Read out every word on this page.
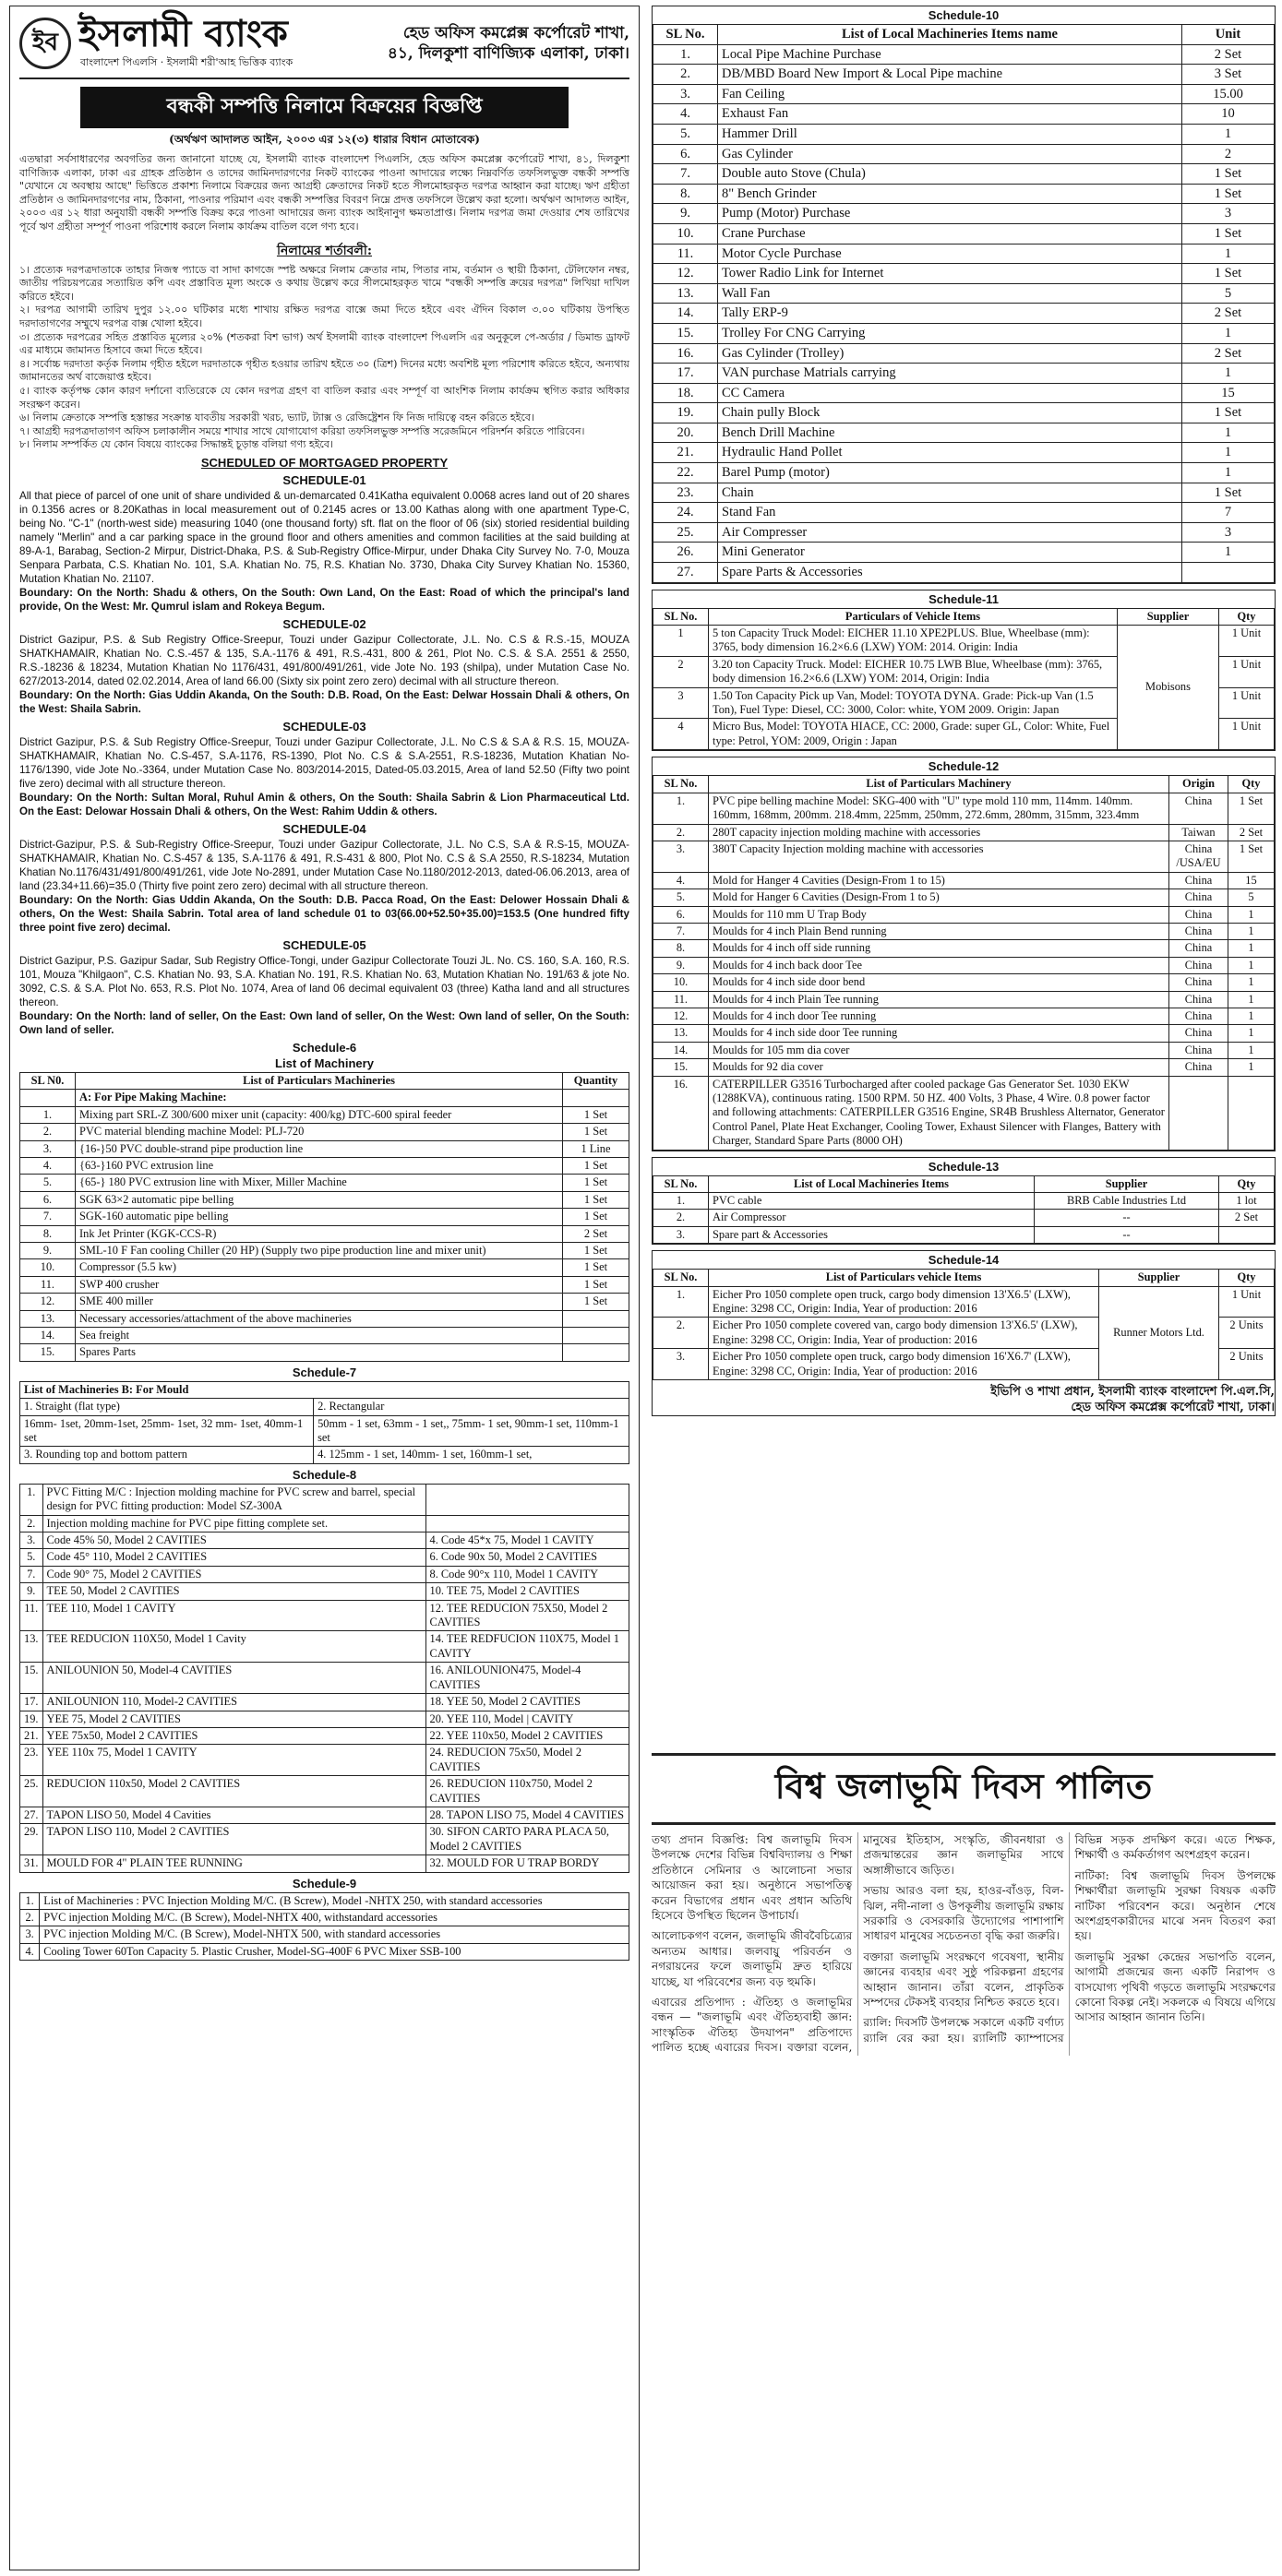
ইব ইসলামী ব্যাংক
বাংলাদেশ পিএলসি · ইসলামী শরী'আহ ভিত্তিক ব্যাংক
হেড অফিস কমপ্লেক্স কর্পোরেট শাখা,
৪১, দিলকুশা বাণিজ্যিক এলাকা, ঢাকা।
বন্ধকী সম্পত্তি নিলামে বিক্রয়ের বিজ্ঞপ্তি
(অর্থঋণ আদালত আইন, ২০০৩ এর ১২(৩) ধারার বিধান মোতাবেক)
এতদ্বারা সর্বসাধারণের অবগতির জন্য জানানো যাচ্ছে যে, ইসলামী ব্যাংক বাংলাদেশ পিএলসি, হেড অফিস কমপ্লেক্স কর্পোরেট শাখা, ৪১, দিলকুশা বাণিজ্যিক এলাকা, ঢাকা এর গ্রাহক প্রতিষ্ঠান ও তাদের জামিনদারগণের নিকট ব্যাংকের পাওনা আদায়ের লক্ষ্যে নিম্নবর্ণিত তফসিলভুক্ত বন্ধকী সম্পত্তি "যেখানে যে অবস্থায় আছে" ভিত্তিতে প্রকাশ্য নিলামে বিক্রয়ের জন্য আগ্রহী ক্রেতাদের নিকট হতে সীলমোহরকৃত দরপত্র আহ্বান করা যাচ্ছে। ঋণ গ্রহীতা প্রতিষ্ঠান ও জামিনদারগণের নাম, ঠিকানা, পাওনার পরিমাণ এবং বন্ধকী সম্পত্তির বিবরণ নিম্নে প্রদত্ত তফসিলে উল্লেখ করা হলো। অর্থঋণ আদালত আইন, ২০০৩ এর ১২ ধারা অনুযায়ী বন্ধকী সম্পত্তি বিক্রয় করে পাওনা আদায়ের জন্য ব্যাংক আইনানুগ ক্ষমতাপ্রাপ্ত। নিলাম দরপত্র জমা দেওয়ার শেষ তারিখের পূর্বে ঋণ গ্রহীতা সম্পূর্ণ পাওনা পরিশোধ করলে নিলাম কার্যক্রম বাতিল বলে গণ্য হবে।
নিলামের শর্তাবলী:
১। প্রত্যেক দরপত্রদাতাকে তাহার নিজস্ব প্যাডে বা সাদা কাগজে স্পষ্ট অক্ষরে নিলাম ক্রেতার নাম, পিতার নাম, বর্তমান ও স্থায়ী ঠিকানা, টেলিফোন নম্বর, জাতীয় পরিচয়পত্রের সত্যায়িত কপি এবং প্রস্তাবিত মূল্য অংকে ও কথায় উল্লেখ করে সীলমোহরকৃত খামে "বন্ধকী সম্পত্তি ক্রয়ের দরপত্র" লিখিয়া দাখিল করিতে হইবে।
২। দরপত্র আগামী তারিখ দুপুর ১২.০০ ঘটিকার মধ্যে শাখায় রক্ষিত দরপত্র বাক্সে জমা দিতে হইবে এবং ঐদিন বিকাল ৩.০০ ঘটিকায় উপস্থিত দরদাতাগণের সম্মুখে দরপত্র বাক্স খোলা হইবে।
৩। প্রত্যেক দরপত্রের সহিত প্রস্তাবিত মূল্যের ২০% (শতকরা বিশ ভাগ) অর্থ ইসলামী ব্যাংক বাংলাদেশ পিএলসি এর অনুকূলে পে-অর্ডার / ডিমান্ড ড্রাফট এর মাধ্যমে জামানত হিসাবে জমা দিতে হইবে।
৪। সর্বোচ্চ দরদাতা কর্তৃক নিলাম গৃহীত হইলে দরদাতাকে গৃহীত হওয়ার তারিখ হইতে ৩০ (ত্রিশ) দিনের মধ্যে অবশিষ্ট মূল্য পরিশোধ করিতে হইবে, অন্যথায় জামানতের অর্থ বাজেয়াপ্ত হইবে।
৫। ব্যাংক কর্তৃপক্ষ কোন কারণ দর্শানো ব্যতিরেকে যে কোন দরপত্র গ্রহণ বা বাতিল করার এবং সম্পূর্ণ বা আংশিক নিলাম কার্যক্রম স্থগিত করার অধিকার সংরক্ষণ করেন।
৬। নিলাম ক্রেতাকে সম্পত্তি হস্তান্তর সংক্রান্ত যাবতীয় সরকারী খরচ, ভ্যাট, ট্যাক্স ও রেজিষ্ট্রেশন ফি নিজ দায়িত্বে বহন করিতে হইবে।
৭। আগ্রহী দরপত্রদাতাগণ অফিস চলাকালীন সময়ে শাখার সাথে যোগাযোগ করিয়া তফসিলভুক্ত সম্পত্তি সরেজমিনে পরিদর্শন করিতে পারিবেন।
৮। নিলাম সম্পর্কিত যে কোন বিষয়ে ব্যাংকের সিদ্ধান্তই চূড়ান্ত বলিয়া গণ্য হইবে।
SCHEDULED OF MORTGAGED PROPERTY
SCHEDULE-01
All that piece of parcel of one unit of share undivided & un-demarcated 0.41Katha equivalent 0.0068 acres land out of 20 shares in 0.1356 acres or 8.20Kathas in local measurement out of 0.2145 acres or 13.00 Kathas along with one apartment Type-C, being No. "C-1" (north-west side) measuring 1040 (one thousand forty) sft. flat on the floor of 06 (six) storied residential building namely "Merlin" and a car parking space in the ground floor and others amenities and common facilities at the said building at 89-A-1, Barabag, Section-2 Mirpur, District-Dhaka, P.S. & Sub-Registry Office-Mirpur, under Dhaka City Survey No. 7-0, Mouza Senpara Parbata, C.S. Khatian No. 101, S.A. Khatian No. 75, R.S. Khatian No. 3730, Dhaka City Survey Khatian No. 15360, Mutation Khatian No. 21107.
Boundary: On the North: Shadu & others, On the South: Own Land, On the East: Road of which the principal's land provide, On the West: Mr. Qumrul islam and Rokeya Begum.
SCHEDULE-02
District Gazipur, P.S. & Sub Registry Office-Sreepur, Touzi under Gazipur Collectorate, J.L. No. C.S & R.S.-15, MOUZA SHATKHAMAIR, Khatian No. C.S.-457 & 135, S.A.-1176 & 491, R.S.-431, 800 & 261, Plot No. C.S. & S.A. 2551 & 2550, R.S.-18236 & 18234, Mutation Khatian No 1176/431, 491/800/491/261, vide Jote No. 193 (shilpa), under Mutation Case No. 627/2013-2014, dated 02.02.2014, Area of land 66.00 (Sixty six point zero zero) decimal with all structure thereon.
Boundary: On the North: Gias Uddin Akanda, On the South: D.B. Road, On the East: Delwar Hossain Dhali & others, On the West: Shaila Sabrin.
SCHEDULE-03
District Gazipur, P.S. & Sub Registry Office-Sreepur, Touzi under Gazipur Collectorate, J.L. No C.S & S.A & R.S. 15, MOUZA-SHATKHAMAIR, Khatian No. C.S-457, S.A-1176, RS-1390, Plot No. C.S & S.A-2551, R.S-18236, Mutation Khatian No-1176/1390, vide Jote No.-3364, under Mutation Case No. 803/2014-2015, Dated-05.03.2015, Area of land 52.50 (Fifty two point five zero) decimal with all structure thereon.
Boundary: On the North: Sultan Moral, Ruhul Amin & others, On the South: Shaila Sabrin & Lion Pharmaceutical Ltd. On the East: Delowar Hossain Dhali & others, On the West: Rahim Uddin & others.
SCHEDULE-04
District-Gazipur, P.S. & Sub-Registry Office-Sreepur, Touzi under Gazipur Collectorate, J.L. No C.S, S.A & R.S-15, MOUZA-SHATKHAMAIR, Khatian No. C.S-457 & 135, S.A-1176 & 491, R.S-431 & 800, Plot No. C.S & S.A 2550, R.S-18234, Mutation Khatian No.1176/431/491/800/491/261, vide Jote No-2891, under Mutation Case No.1180/2012-2013, dated-06.06.2013, area of land (23.34+11.66)=35.0 (Thirty five point zero zero) decimal with all structure thereon.
Boundary: On the North: Gias Uddin Akanda, On the South: D.B. Pacca Road, On the East: Delower Hossain Dhali & others, On the West: Shaila Sabrin. Total area of land schedule 01 to 03(66.00+52.50+35.00)=153.5 (One hundred fifty three point five zero) decimal.
SCHEDULE-05
District Gazipur, P.S. Gazipur Sadar, Sub Registry Office-Tongi, under Gazipur Collectorate Touzi JL. No. CS. 160, S.A. 160, R.S. 101, Mouza "Khilgaon", C.S. Khatian No. 93, S.A. Khatian No. 191, R.S. Khatian No. 63, Mutation Khatian No. 191/63 & jote No. 3092, C.S. & S.A. Plot No. 653, R.S. Plot No. 1074, Area of land 06 decimal equivalent 03 (three) Katha land and all structures thereon.
Boundary: On the North: land of seller, On the East: Own land of seller, On the West: Own land of seller, On the South: Own land of seller.
Schedule-6
List of Machinery
SL N0.	List of Particulars Machineries	Quantity
	A: For Pipe Making Machine:	
1.	Mixing part SRL-Z 300/600 mixer unit (capacity: 400/kg) DTC-600 spiral feeder	1 Set
2.	PVC material blending machine Model: PLJ-720	1 Set
3.	{16-}50 PVC double-strand pipe production line	1 Line
4.	{63-}160 PVC extrusion line	1 Set
5.	{65-} 180 PVC extrusion line with Mixer, Miller Machine	1 Set
6.	SGK 63×2 automatic pipe belling	1 Set
7.	SGK-160 automatic pipe belling	1 Set
8.	Ink Jet Printer (KGK-CCS-R)	2 Set
9.	SML-10 F Fan cooling Chiller (20 HP) (Supply two pipe production line and mixer unit)	1 Set
10.	Compressor (5.5 kw)	1 Set
11.	SWP 400 crusher	1 Set
12.	SME 400 miller	1 Set
13.	Necessary accessories/attachment of the above machineries	
14.	Sea freight	
15.	Spares Parts	
Schedule-7
List of Machineries B: For Mould	
1. Straight (flat type)	2. Rectangular
16mm- 1set, 20mm-1set, 25mm- 1set, 32 mm- 1set, 40mm-1 set	50mm - 1 set, 63mm - 1 set,, 75mm- 1 set, 90mm-1 set, 110mm-1 set
3. Rounding top and bottom pattern	4. 125mm - 1 set, 140mm- 1 set, 160mm-1 set,
Schedule-8
1.	PVC Fitting M/C : Injection molding machine for PVC screw and barrel, special design for PVC fitting production: Model SZ-300A	
2.	Injection molding machine for PVC pipe fitting complete set.	
3.	Code 45% 50, Model 2 CAVITIES	4. Code 45*x 75, Model 1 CAVITY
5.	Code 45° 110, Model 2 CAVITIES	6. Code 90x 50, Model 2 CAVITIES
7.	Code 90° 75, Model 2 CAVITIES	8. Code 90°x 110, Model 1 CAVITY
9.	TEE 50, Model 2 CAVITIES	10. TEE 75, Model 2 CAVITIES
11.	TEE 110, Model 1 CAVITY	12. TEE REDUCION 75X50, Model 2 CAVITIES
13.	TEE REDUCION 110X50, Model 1 Cavity	14. TEE REDFUCION 110X75, Model 1 CAVITY
15.	ANILOUNION 50, Model-4 CAVITIES	16. ANILOUNION475, Model-4 CAVITIES
17.	ANILOUNION 110, Model-2 CAVITIES	18. YEE 50, Model 2 CAVITIES
19.	YEE 75, Model 2 CAVITIES	20. YEE 110, Model | CAVITY
21.	YEE 75x50, Model 2 CAVITIES	22. YEE 110x50, Model 2 CAVITIES
23.	YEE 110x 75, Model 1 CAVITY	24. REDUCION 75x50, Model 2 CAVITIES
25.	REDUCION 110x50, Model 2 CAVITIES	26. REDUCION 110x750, Model 2 CAVITIES
27.	TAPON LISO 50, Model 4 Cavities	28. TAPON LISO 75, Model 4 CAVITIES
29.	TAPON LISO 110, Model 2 CAVITIES	30. SIFON CARTO PARA PLACA 50, Model 2 CAVITIES
31.	MOULD FOR 4" PLAIN TEE RUNNING	32. MOULD FOR U TRAP BORDY
Schedule-9
1.	List of Machineries : PVC Injection Molding M/C. (B Screw), Model -NHTX 250, with standard accessories
2.	PVC injection Molding M/C. (B Screw), Model-NHTX 400, withstandard accessories
3.	PVC injection Molding M/C. (B Screw), Model-NHTX 500, with standard accessories
4.	Cooling Tower 60Ton Capacity 5. Plastic Crusher, Model-SG-400F 6 PVC Mixer SSB-100
Schedule-10
SL No.	List of Local Machineries Items name	Unit
1.	Local Pipe Machine Purchase	2 Set
2.	DB/MBD Board New Import & Local Pipe machine	3 Set
3.	Fan Ceiling	15.00
4.	Exhaust Fan	10
5.	Hammer Drill	1
6.	Gas Cylinder	2
7.	Double auto Stove (Chula)	1 Set
8.	8" Bench Grinder	1 Set
9.	Pump (Motor) Purchase	3
10.	Crane Purchase	1 Set
11.	Motor Cycle Purchase	1
12.	Tower Radio Link for Internet	1 Set
13.	Wall Fan	5
14.	Tally ERP-9	2 Set
15.	Trolley For CNG Carrying	1
16.	Gas Cylinder (Trolley)	2 Set
17.	VAN purchase Matrials carrying	1
18.	CC Camera	15
19.	Chain pully Block	1 Set
20.	Bench Drill Machine	1
21.	Hydraulic Hand Pollet	1
22.	Barel Pump (motor)	1
23.	Chain	1 Set
24.	Stand Fan	7
25.	Air Compresser	3
26.	Mini Generator	1
27.	Spare Parts & Accessories	
Schedule-11
SL No.	Particulars of Vehicle Items	Supplier	Qty
1	5 ton Capacity Truck Model: EICHER 11.10 XPE2PLUS. Blue, Wheelbase (mm): 3765, body dimension 16.2×6.6 (LXW) YOM: 2014. Origin: India	Mobisons	1 Unit
2	3.20 ton Capacity Truck. Model: EICHER 10.75 LWB Blue, Wheelbase (mm): 3765, body dimension 16.2×6.6 (LXW) YOM: 2014, Origin: India		1 Unit
3	1.50 Ton Capacity Pick up Van, Model: TOYOTA DYNA. Grade: Pick-up Van (1.5 Ton), Fuel Type: Diesel, CC: 3000, Color: white, YOM 2009. Origin: Japan		1 Unit
4	Micro Bus, Model: TOYOTA HIACE, CC: 2000, Grade: super GL, Color: White, Fuel type: Petrol, YOM: 2009, Origin : Japan		1 Unit
Schedule-12
SL No.	List of Particulars Machinery	Origin	Qty
1.	PVC pipe belling machine Model: SKG-400 with "U" type mold 110 mm, 114mm. 140mm. 160mm, 168mm, 200mm. 218.4mm, 225mm, 250mm, 272.6mm, 280mm, 315mm, 323.4mm	China	1 Set
2.	280T capacity injection molding machine with accessories	Taiwan	2 Set
3.	380T Capacity Injection molding machine with accessories	China /USA/EU	1 Set
4.	Mold for Hanger 4 Cavities (Design-From 1 to 15)	China	15
5.	Mold for Hanger 6 Cavities (Design-From 1 to 5)	China	5
6.	Moulds for 110 mm U Trap Body	China	1
7.	Moulds for 4 inch Plain Bend running	China	1
8.	Moulds for 4 inch off side running	China	1
9.	Moulds for 4 inch back door Tee	China	1
10.	Moulds for 4 inch side door bend	China	1
11.	Moulds for 4 inch Plain Tee running	China	1
12.	Moulds for 4 inch door Tee running	China	1
13.	Moulds for 4 inch side door Tee running	China	1
14.	Moulds for 105 mm dia cover	China	1
15.	Moulds for 92 dia cover	China	1
16.	CATERPILLER G3516 Turbocharged after cooled package Gas Generator Set. 1030 EKW (1288KVA), continuous rating. 1500 RPM. 50 HZ. 400 Volts, 3 Phase, 4 Wire. 0.8 power factor and following attachments: CATERPILLER G3516 Engine, SR4B Brushless Alternator, Generator Control Panel, Plate Heat Exchanger, Cooling Tower, Exhaust Silencer with Flanges, Battery with Charger, Standard Spare Parts (8000 OH)		
Schedule-13
SL No.	List of Local Machineries Items	Supplier	Qty
1.	PVC cable	BRB Cable Industries Ltd	1 lot
2.	Air Compressor	--	2 Set
3.	Spare part & Accessories	--	
Schedule-14
SL No.	List of Particulars vehicle Items	Supplier	Qty
1.	Eicher Pro 1050 complete open truck, cargo body dimension 13'X6.5' (LXW), Engine: 3298 CC, Origin: India, Year of production: 2016	Runner Motors Ltd.	1 Unit
2.	Eicher Pro 1050 complete covered van, cargo body dimension 13'X6.5' (LXW), Engine: 3298 CC, Origin: India, Year of production: 2016		2 Units
3.	Eicher Pro 1050 complete open truck, cargo body dimension 16'X6.7' (LXW), Engine: 3298 CC, Origin: India, Year of production: 2016		2 Units
ইভিপি ও শাখা প্রধান, ইসলামী ব্যাংক বাংলাদেশ পি.এল.সি,
হেড অফিস কমপ্লেক্স কর্পোরেট শাখা, ঢাকা।
বিশ্ব জলাভূমি দিবস পালিত

তথ্য প্রদান বিজ্ঞপ্তি: বিশ্ব জলাভূমি দিবস উপলক্ষে দেশের বিভিন্ন বিশ্ববিদ্যালয় ও শিক্ষা প্রতিষ্ঠানে সেমিনার ও আলোচনা সভার আয়োজন করা হয়। অনুষ্ঠানে সভাপতিত্ব করেন বিভাগের প্রধান এবং প্রধান অতিথি হিসেবে উপস্থিত ছিলেন উপাচার্য।

আলোচকগণ বলেন, জলাভূমি জীববৈচিত্র্যের অন্যতম আধার। জলবায়ু পরিবর্তন ও নগরায়নের ফলে জলাভূমি দ্রুত হারিয়ে যাচ্ছে, যা পরিবেশের জন্য বড় হুমকি।

এবারের প্রতিপাদ্য : ঐতিহ্য ও জলাভূমির বন্ধন — "জলাভূমি এবং ঐতিহ্যবাহী জ্ঞান: সাংস্কৃতিক ঐতিহ্য উদযাপন" প্রতিপাদ্যে পালিত হচ্ছে এবারের দিবস। বক্তারা বলেন, মানুষের ইতিহাস, সংস্কৃতি, জীবনধারা ও প্রজন্মান্তরের জ্ঞান জলাভূমির সাথে অঙ্গাঙ্গীভাবে জড়িত।

সভায় আরও বলা হয়, হাওর-বাঁওড়, বিল-ঝিল, নদী-নালা ও উপকূলীয় জলাভূমি রক্ষায় সরকারি ও বেসরকারি উদ্যোগের পাশাপাশি সাধারণ মানুষের সচেতনতা বৃদ্ধি করা জরুরি।

বক্তারা জলাভূমি সংরক্ষণে গবেষণা, স্থানীয় জ্ঞানের ব্যবহার এবং সুষ্ঠু পরিকল্পনা গ্রহণের আহ্বান জানান। তাঁরা বলেন, প্রাকৃতিক সম্পদের টেকসই ব্যবহার নিশ্চিত করতে হবে।

র‍্যালি: দিবসটি উপলক্ষে সকালে একটি বর্ণাঢ্য র‍্যালি বের করা হয়। র‍্যালিটি ক্যাম্পাসের বিভিন্ন সড়ক প্রদক্ষিণ করে। এতে শিক্ষক, শিক্ষার্থী ও কর্মকর্তাগণ অংশগ্রহণ করেন।

নাটিকা: বিশ্ব জলাভূমি দিবস উপলক্ষে শিক্ষার্থীরা জলাভূমি সুরক্ষা বিষয়ক একটি নাটিকা পরিবেশন করে। অনুষ্ঠান শেষে অংশগ্রহণকারীদের মাঝে সনদ বিতরণ করা হয়।

জলাভূমি সুরক্ষা কেন্দ্রের সভাপতি বলেন, আগামী প্রজন্মের জন্য একটি নিরাপদ ও বাসযোগ্য পৃথিবী গড়তে জলাভূমি সংরক্ষণের কোনো বিকল্প নেই। সকলকে এ বিষয়ে এগিয়ে আসার আহ্বান জানান তিনি।
